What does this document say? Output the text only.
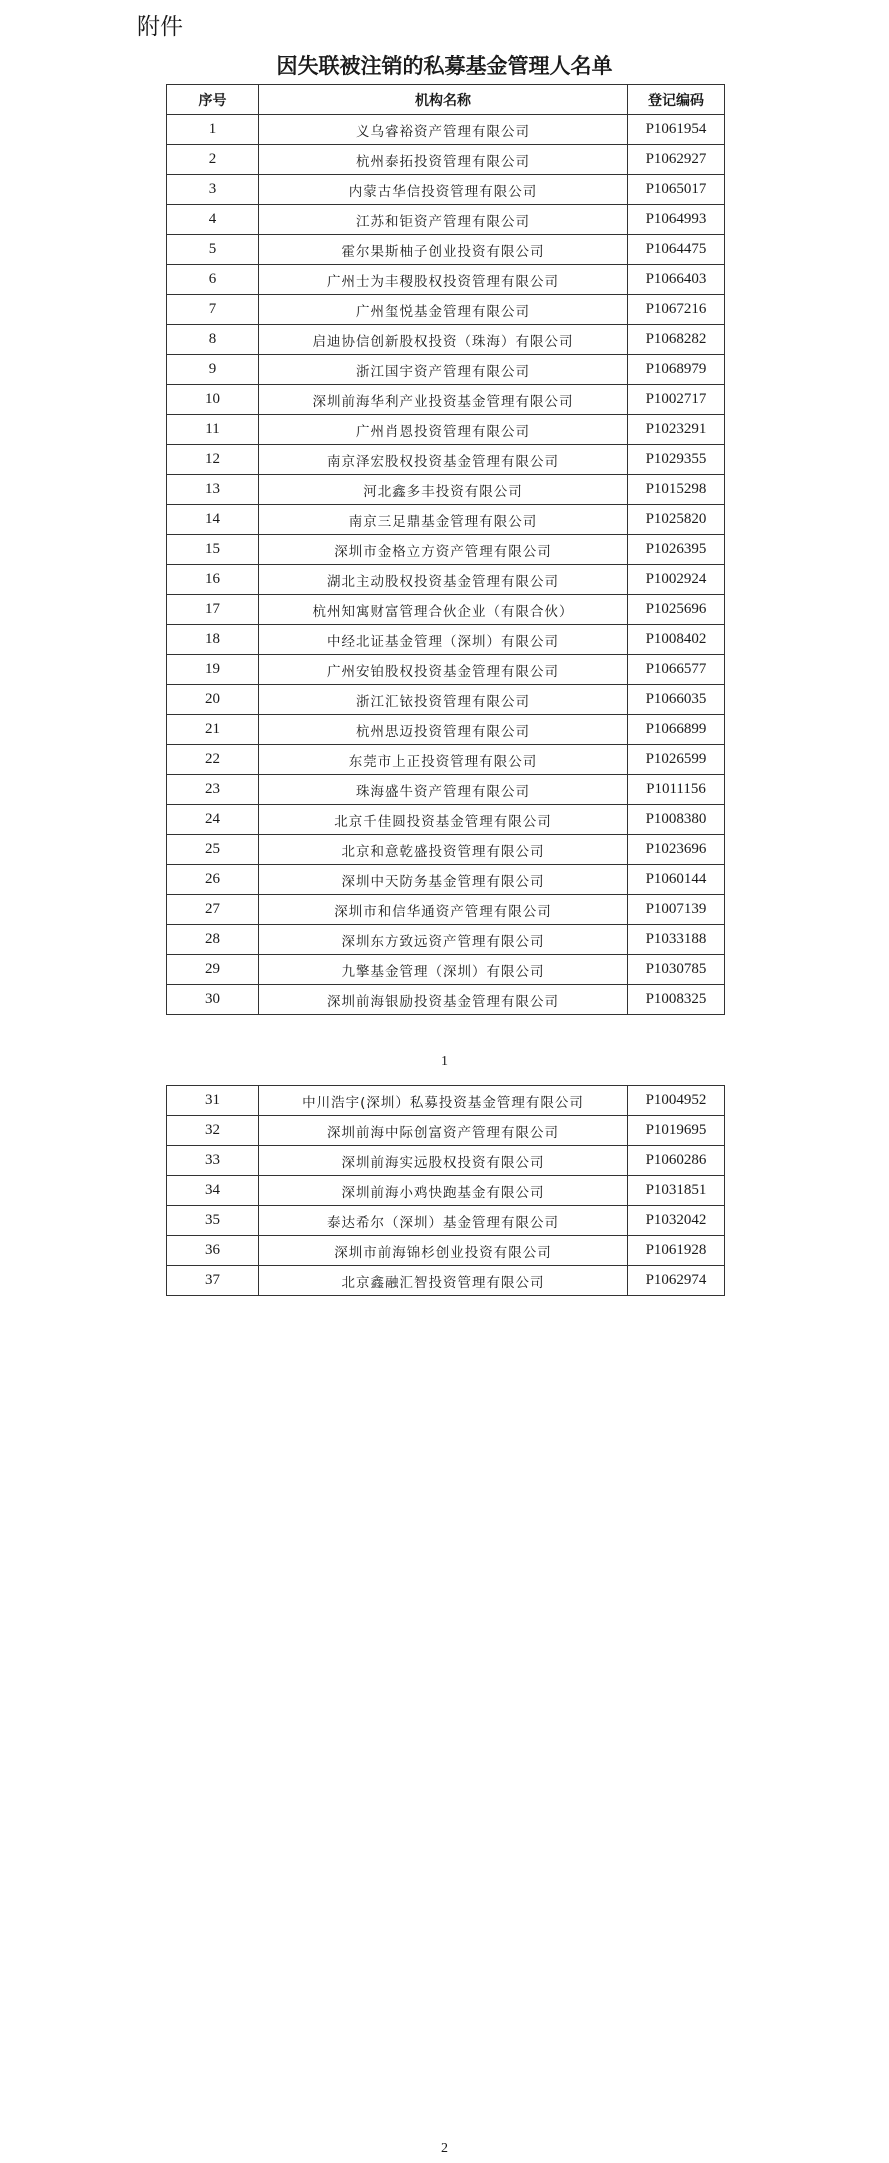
附件
因失联被注销的私募基金管理人名单
序号	机构名称	登记编码
1	义乌睿裕资产管理有限公司	P1061954
2	杭州泰拓投资管理有限公司	P1062927
3	内蒙古华信投资管理有限公司	P1065017
4	江苏和钜资产管理有限公司	P1064993
5	霍尔果斯柚子创业投资有限公司	P1064475
6	广州士为丰稷股权投资管理有限公司	P1066403
7	广州玺悦基金管理有限公司	P1067216
8	启迪协信创新股权投资（珠海）有限公司	P1068282
9	浙江国宇资产管理有限公司	P1068979
10	深圳前海华利产业投资基金管理有限公司	P1002717
11	广州肖恩投资管理有限公司	P1023291
12	南京泽宏股权投资基金管理有限公司	P1029355
13	河北鑫多丰投资有限公司	P1015298
14	南京三足鼎基金管理有限公司	P1025820
15	深圳市金格立方资产管理有限公司	P1026395
16	湖北主动股权投资基金管理有限公司	P1002924
17	杭州知寓财富管理合伙企业（有限合伙）	P1025696
18	中经北证基金管理（深圳）有限公司	P1008402
19	广州安铂股权投资基金管理有限公司	P1066577
20	浙江汇铱投资管理有限公司	P1066035
21	杭州思迈投资管理有限公司	P1066899
22	东莞市上正投资管理有限公司	P1026599
23	珠海盛牛资产管理有限公司	P1011156
24	北京千佳圆投资基金管理有限公司	P1008380
25	北京和意乾盛投资管理有限公司	P1023696
26	深圳中天防务基金管理有限公司	P1060144
27	深圳市和信华通资产管理有限公司	P1007139
28	深圳东方致远资产管理有限公司	P1033188
29	九擎基金管理（深圳）有限公司	P1030785
30	深圳前海银励投资基金管理有限公司	P1008325
1
31	中川浩宇(深圳）私募投资基金管理有限公司	P1004952
32	深圳前海中际创富资产管理有限公司	P1019695
33	深圳前海实远股权投资有限公司	P1060286
34	深圳前海小鸡快跑基金有限公司	P1031851
35	泰达希尔（深圳）基金管理有限公司	P1032042
36	深圳市前海锦杉创业投资有限公司	P1061928
37	北京鑫融汇智投资管理有限公司	P1062974
2
